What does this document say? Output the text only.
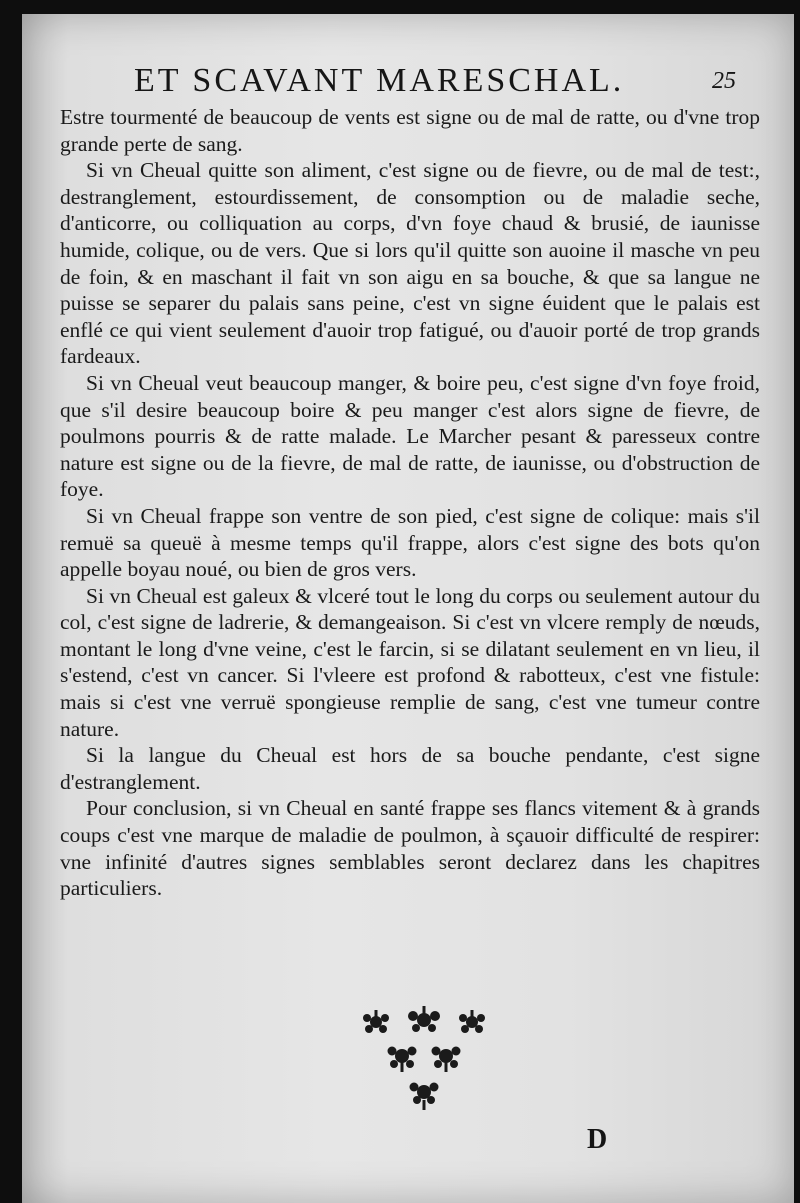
ET SCAVANT MARESCHAL.	25

Estre tourmenté de beaucoup de vents est signe ou de mal de ratte, ou d'vne trop grande perte de sang.

Si vn Cheual quitte son aliment, c'est signe ou de fievre, ou de mal de test:, destranglement, estourdissement, de consomption ou de maladie seche, d'anticorre, ou colliquation au corps, d'vn foye chaud & brusié, de iaunisse humide, colique, ou de vers. Que si lors qu'il quitte son auoine il masche vn peu de foin, & en maschant il fait vn son aigu en sa bouche, & que sa langue ne puisse se separer du palais sans peine, c'est vn signe éuident que le palais est enflé ce qui vient seulement d'auoir trop fatigué, ou d'auoir porté de trop grands fardeaux.

Si vn Cheual veut beaucoup manger, & boire peu, c'est signe d'vn foye froid, que s'il desire beaucoup boire & peu manger c'est alors signe de fievre, de poulmons pourris & de ratte malade. Le Marcher pesant & paresseux contre nature est signe ou de la fievre, de mal de ratte, de iaunisse, ou d'obstruction de foye.

Si vn Cheual frappe son ventre de son pied, c'est signe de colique: mais s'il remuë sa queuë à mesme temps qu'il frappe, alors c'est signe des bots qu'on appelle boyau noué, ou bien de gros vers.

Si vn Cheual est galeux & vlceré tout le long du corps ou seulement autour du col, c'est signe de ladrerie, & demangeaison. Si c'est vn vlcere remply de nœuds, montant le long d'vne veine, c'est le farcin, si se dilatant seulement en vn lieu, il s'estend, c'est vn cancer. Si l'vleere est profond & rabotteux, c'est vne fistule: mais si c'est vne verruë spongieuse remplie de sang, c'est vne tumeur contre nature.

Si la langue du Cheual est hors de sa bouche pendante, c'est signe d'estranglement.

Pour conclusion, si vn Cheual en santé frappe ses flancs vitement & à grands coups c'est vne marque de maladie de poulmon, à sçauoir difficulté de respirer: vne infinité d'autres signes semblables seront declarez dans les chapitres particuliers.

D
